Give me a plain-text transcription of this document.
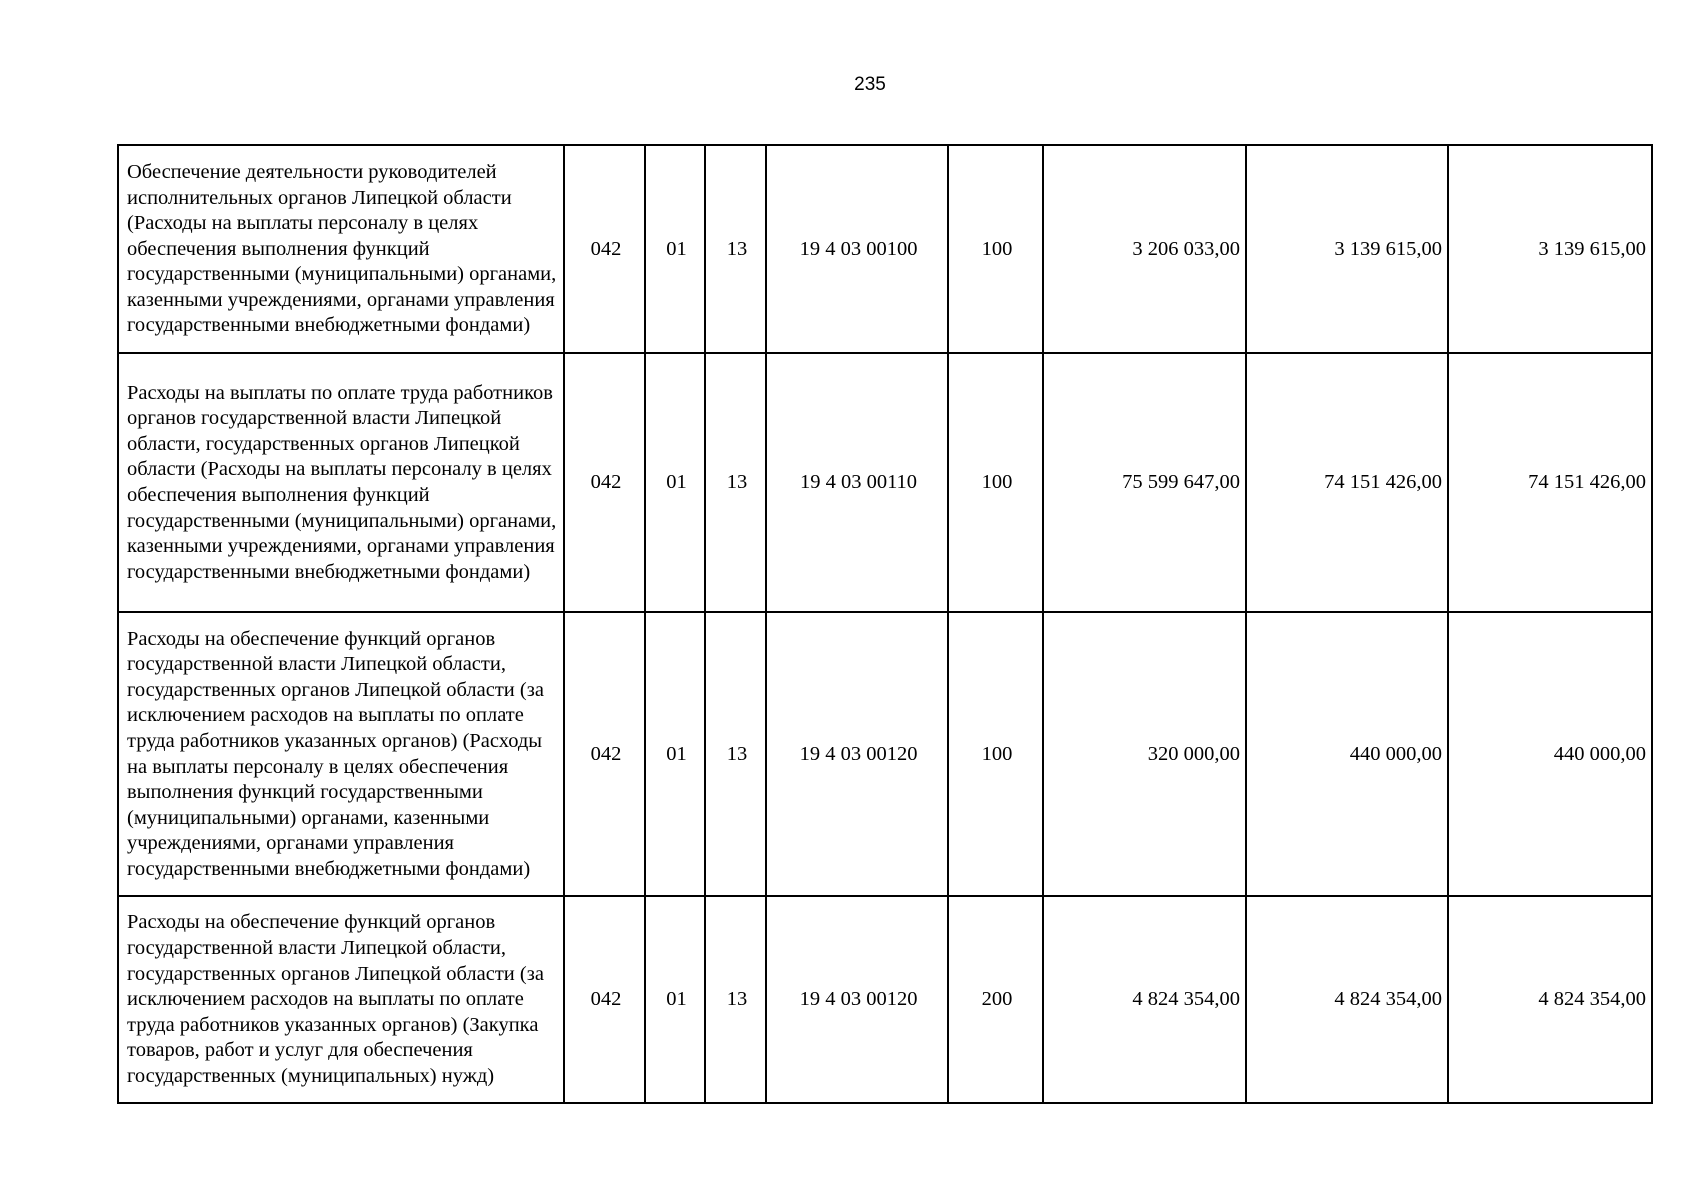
235
Обеспечение деятельности руководителей исполнительных органов Липецкой области (Расходы на выплаты персоналу в целях обеспечения выполнения функций государственными (муниципальными) органами, казенными учреждениями, органами управления государственными внебюджетными фондами)	042	01	13	19 4 03 00100	100	3 206 033,00	3 139 615,00	3 139 615,00
Расходы на выплаты по оплате труда работников органов государственной власти Липецкой области, государственных органов Липецкой области (Расходы на выплаты персоналу в целях обеспечения выполнения функций государственными (муниципальными) органами, казенными учреждениями, органами управления государственными внебюджетными фондами)	042	01	13	19 4 03 00110	100	75 599 647,00	74 151 426,00	74 151 426,00
Расходы на обеспечение функций органов государственной власти Липецкой области, государственных органов Липецкой области (за исключением расходов на выплаты по оплате труда работников указанных органов) (Расходы на выплаты персоналу в целях обеспечения выполнения функций государственными (муниципальными) органами, казенными учреждениями, органами управления государственными внебюджетными фондами)	042	01	13	19 4 03 00120	100	320 000,00	440 000,00	440 000,00
Расходы на обеспечение функций органов государственной власти Липецкой области, государственных органов Липецкой области (за исключением расходов на выплаты по оплате труда работников указанных органов) (Закупка товаров, работ и услуг для обеспечения государственных (муниципальных) нужд)	042	01	13	19 4 03 00120	200	4 824 354,00	4 824 354,00	4 824 354,00
